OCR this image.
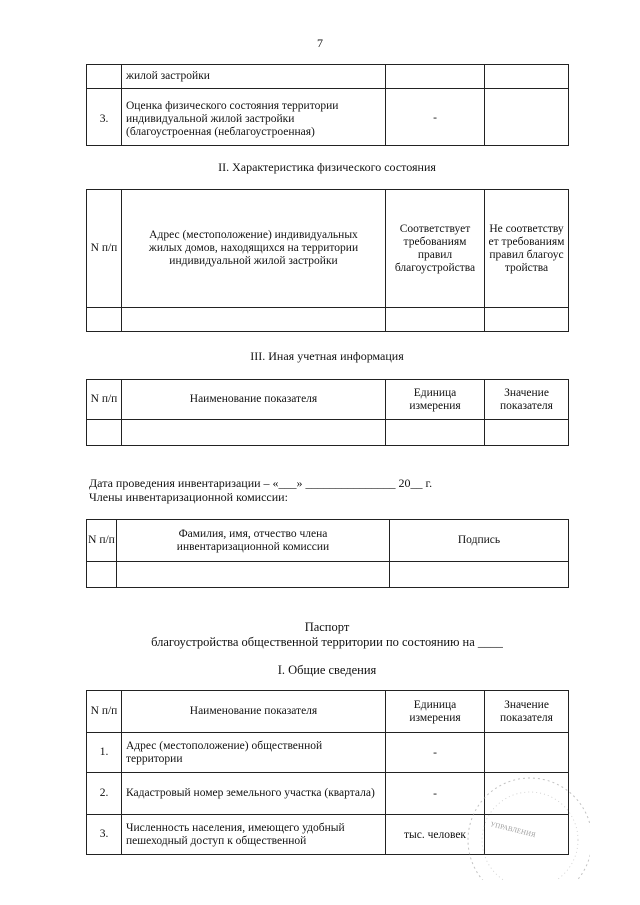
7
	жилой застройки		
3.	Оценка физического состояния территории индивидуальной жилой застройки (благоустроенная (неблагоустроенная)	-	
II. Характеристика физического состояния
N п/п	Адрес (местоположение) индивидуальных жилых домов, находящихся на территории индивидуальной жилой застройки	Соответствует требованиям правил благоустройства	Не соответствует требованиям правил благоустройства

III. Иная учетная информация
N п/п	Наименование показателя	Единица измерения	Значение показателя

Дата проведения инвентаризации – «___» _______________ 20__ г.
Члены инвентаризационной комиссии:
N п/п	Фамилия, имя, отчество члена инвентаризационной комиссии	Подпись

Паспорт
благоустройства общественной территории по состоянию на ____
I. Общие сведения
N п/п	Наименование показателя	Единица измерения	Значение показателя
1.	Адрес (местоположение) общественной территории	-	
2.	Кадастровый номер земельного участка (квартала)	-	
3.	Численность населения, имеющего удобный пешеходный доступ к общественной	тыс. человек		УПРАВЛЕНИЯ
